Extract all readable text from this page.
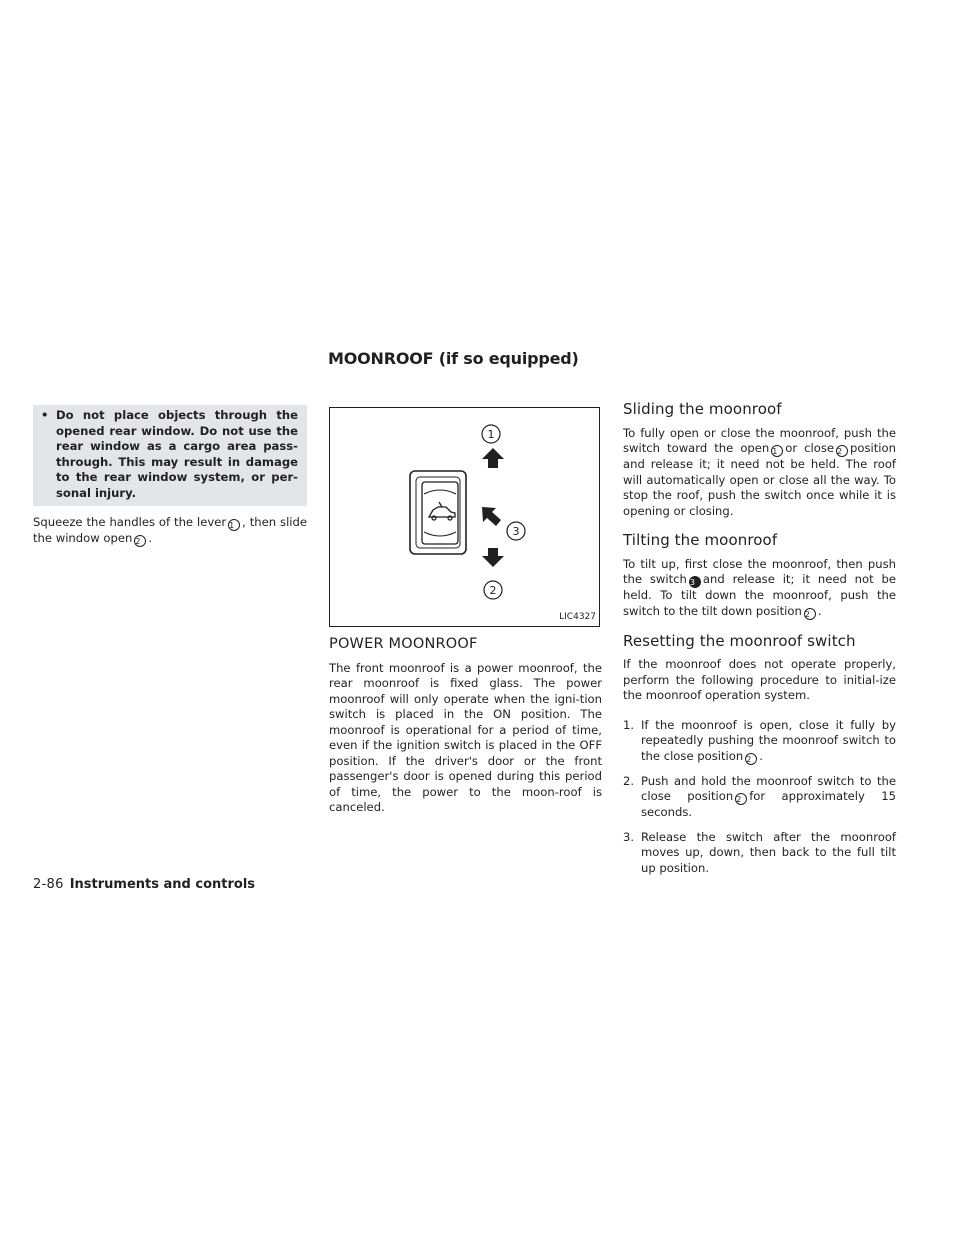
MOONROOF (if so equipped)
• Do not place objects through the opened rear window. Do not use the rear window as a cargo area pass-through. This may result in damage to the rear window system, or per-sonal injury.

Squeeze the handles of the lever 1 , then slide the window open 2 .

1
3
2
LIC4327
POWER MOONROOF

The front moonroof is a power moonroof, the rear moonroof is fixed glass. The power moonroof will only operate when the igni-tion switch is placed in the ON position. The moonroof is operational for a period of time, even if the ignition switch is placed in the OFF position. If the driver's door or the front passenger's door is opened during this period of time, the power to the moon-roof is canceled.

Sliding the moonroof

To fully open or close the moonroof, push the switch toward the open 1 or close 2 position and release it; it need not be held. The roof will automatically open or close all the way. To stop the roof, push the switch once while it is opening or closing.

Tilting the moonroof

To tilt up, first close the moonroof, then push the switch 3 and release it; it need not be held. To tilt down the moonroof, push the switch to the tilt down position 2 .

Resetting the moonroof switch

If the moonroof does not operate properly, perform the following procedure to initial-ize the moonroof operation system.

1. If the moonroof is open, close it fully by repeatedly pushing the moonroof switch to the close position 2 .
2. Push and hold the moonroof switch to the close position 2 for approximately 15 seconds.
3. Release the switch after the moonroof moves up, down, then back to the full tilt up position.
2-86 Instruments and controls
